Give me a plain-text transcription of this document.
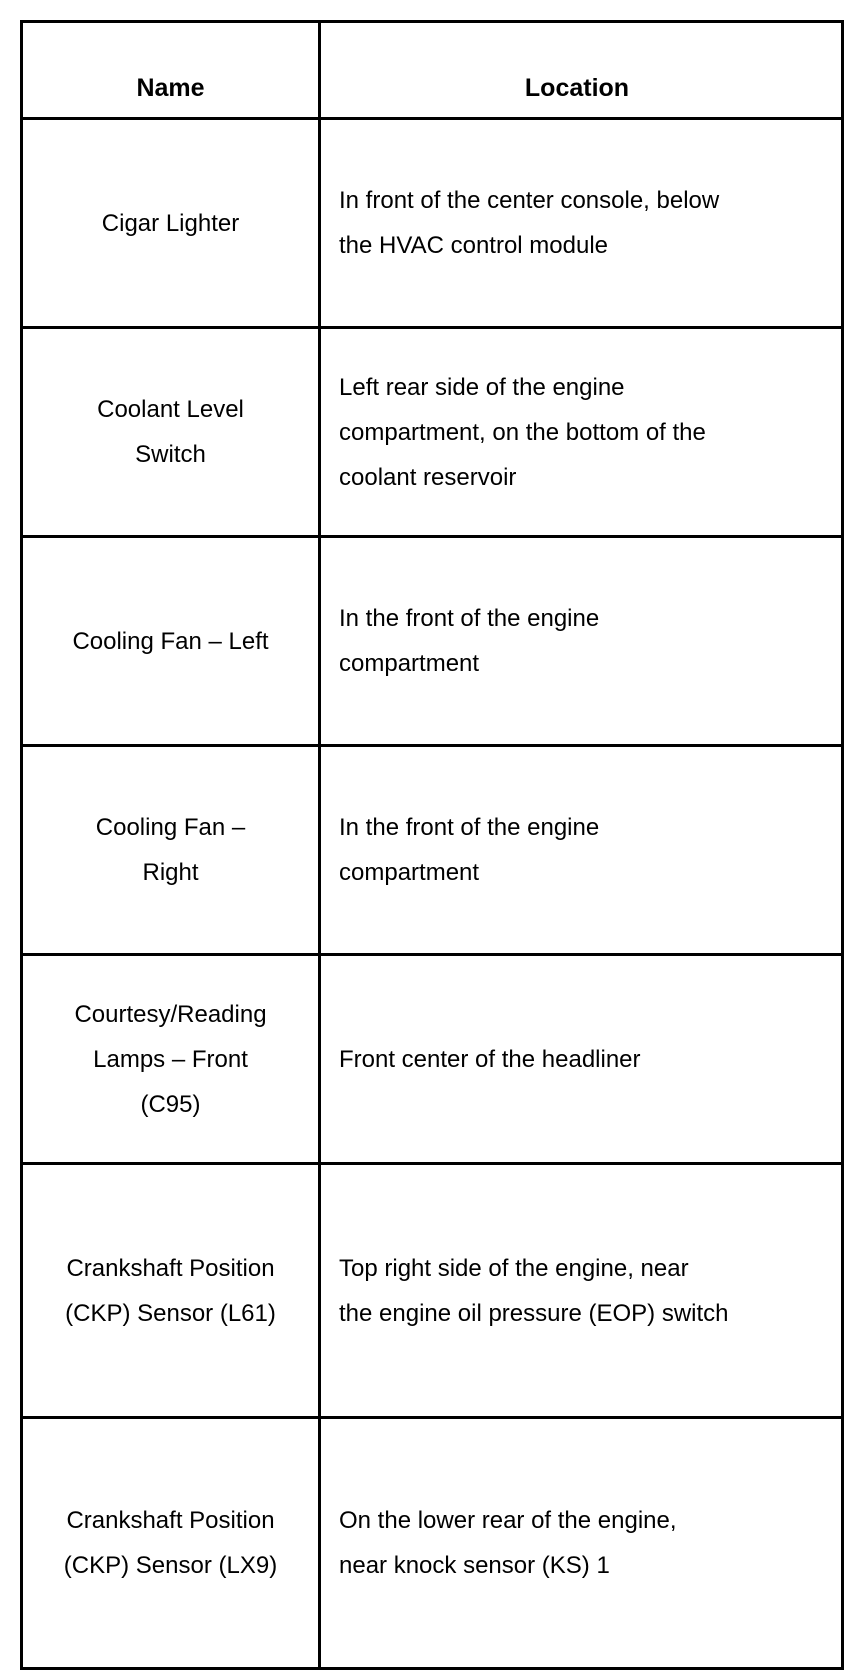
Name	Location
Cigar Lighter
In front of the center console, below
the HVAC control module
Coolant Level
Switch
Left rear side of the engine
compartment, on the bottom of the
coolant reservoir
Cooling Fan – Left
In the front of the engine
compartment
Cooling Fan –
Right
In the front of the engine
compartment
Courtesy/Reading
Lamps – Front
(C95)
Front center of the headliner
Crankshaft Position
(CKP) Sensor (L61)
Top right side of the engine, near
the engine oil pressure (EOP) switch
Crankshaft Position
(CKP) Sensor (LX9)
On the lower rear of the engine,
near knock sensor (KS) 1
